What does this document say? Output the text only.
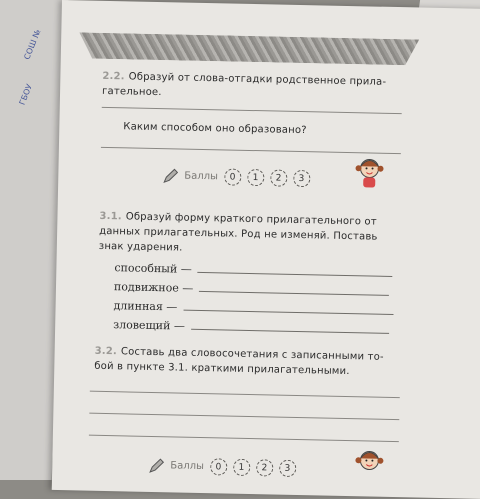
СОШ №
ГБОУ
2.2. Образуй от слова-отгадки родственное прила-
гательное.
Каким способом оно образовано?
Баллы	0	1	2	3
3.1. Образуй форму краткого прилагательного от
данных прилагательных. Род не изменяй. Поставь
знак ударения.
способный —
подвижное —
длинная —
зловещий —
3.2. Составь два словосочетания с записанными то-
бой в пункте 3.1. краткими прилагательными.
Баллы	0	1	2	3
